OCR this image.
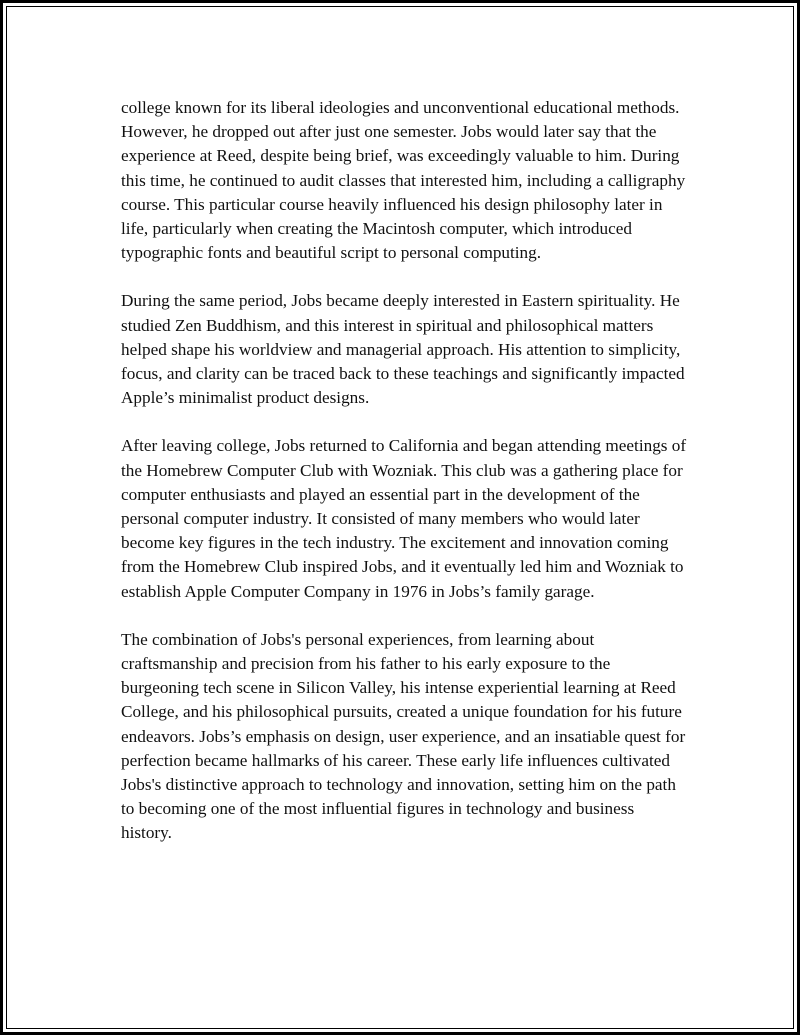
college known for its liberal ideologies and unconventional educational methods. However, he dropped out after just one semester. Jobs would later say that the experience at Reed, despite being brief, was exceedingly valuable to him. During this time, he continued to audit classes that interested him, including a calligraphy course. This particular course heavily influenced his design philosophy later in life, particularly when creating the Macintosh computer, which introduced typographic fonts and beautiful script to personal computing.

During the same period, Jobs became deeply interested in Eastern spirituality. He studied Zen Buddhism, and this interest in spiritual and philosophical matters helped shape his worldview and managerial approach. His attention to simplicity, focus, and clarity can be traced back to these teachings and significantly impacted Apple’s minimalist product designs.

After leaving college, Jobs returned to California and began attending meetings of the Homebrew Computer Club with Wozniak. This club was a gathering place for computer enthusiasts and played an essential part in the development of the personal computer industry. It consisted of many members who would later become key figures in the tech industry. The excitement and innovation coming from the Homebrew Club inspired Jobs, and it eventually led him and Wozniak to establish Apple Computer Company in 1976 in Jobs’s family garage.

The combination of Jobs's personal experiences, from learning about craftsmanship and precision from his father to his early exposure to the burgeoning tech scene in Silicon Valley, his intense experiential learning at Reed College, and his philosophical pursuits, created a unique foundation for his future endeavors. Jobs’s emphasis on design, user experience, and an insatiable quest for perfection became hallmarks of his career. These early life influences cultivated Jobs's distinctive approach to technology and innovation, setting him on the path to becoming one of the most influential figures in technology and business history.
